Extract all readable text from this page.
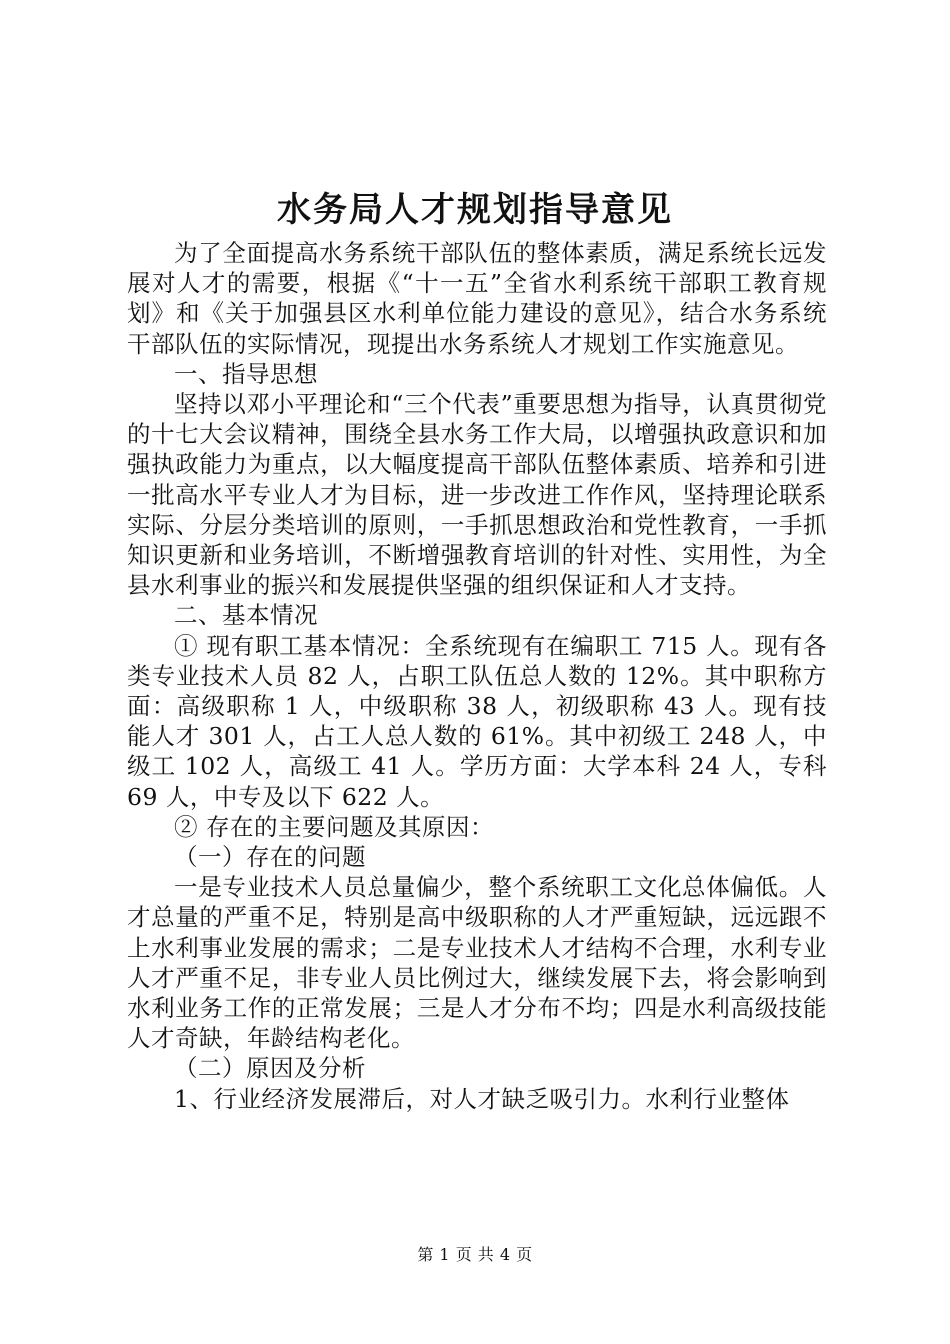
水务局人才规划指导意见

为了全面提高水务系统干部队伍的整体素质，满足系统长远发展对人才的需要，根据《“十一五”全省水利系统干部职工教育规划》和《关于加强县区水利单位能力建设的意见》，结合水务系统干部队伍的实际情况，现提出水务系统人才规划工作实施意见。

一、指导思想

坚持以邓小平理论和“三个代表”重要思想为指导，认真贯彻党的十七大会议精神，围绕全县水务工作大局，以增强执政意识和加强执政能力为重点，以大幅度提高干部队伍整体素质、培养和引进一批高水平专业人才为目标，进一步改进工作作风，坚持理论联系实际、分层分类培训的原则，一手抓思想政治和党性教育，一手抓知识更新和业务培训，不断增强教育培训的针对性、实用性，为全县水利事业的振兴和发展提供坚强的组织保证和人才支持。

二、基本情况

① 现有职工基本情况：全系统现有在编职工 715 人。现有各类专业技术人员 82 人，占职工队伍总人数的 12%。其中职称方面：高级职称 1 人，中级职称 38 人，初级职称 43 人。现有技能人才 301 人，占工人总人数的 61%。其中初级工 248 人，中级工 102 人，高级工 41 人。学历方面：大学本科 24 人，专科 69 人，中专及以下 622 人。

② 存在的主要问题及其原因：

（一）存在的问题

一是专业技术人员总量偏少，整个系统职工文化总体偏低。人才总量的严重不足，特别是高中级职称的人才严重短缺，远远跟不上水利事业发展的需求；二是专业技术人才结构不合理，水利专业人才严重不足，非专业人员比例过大，继续发展下去，将会影响到水利业务工作的正常发展；三是人才分布不均；四是水利高级技能人才奇缺，年龄结构老化。

（二）原因及分析

1、行业经济发展滞后，对人才缺乏吸引力。水利行业整体

第 1 页 共 4 页
